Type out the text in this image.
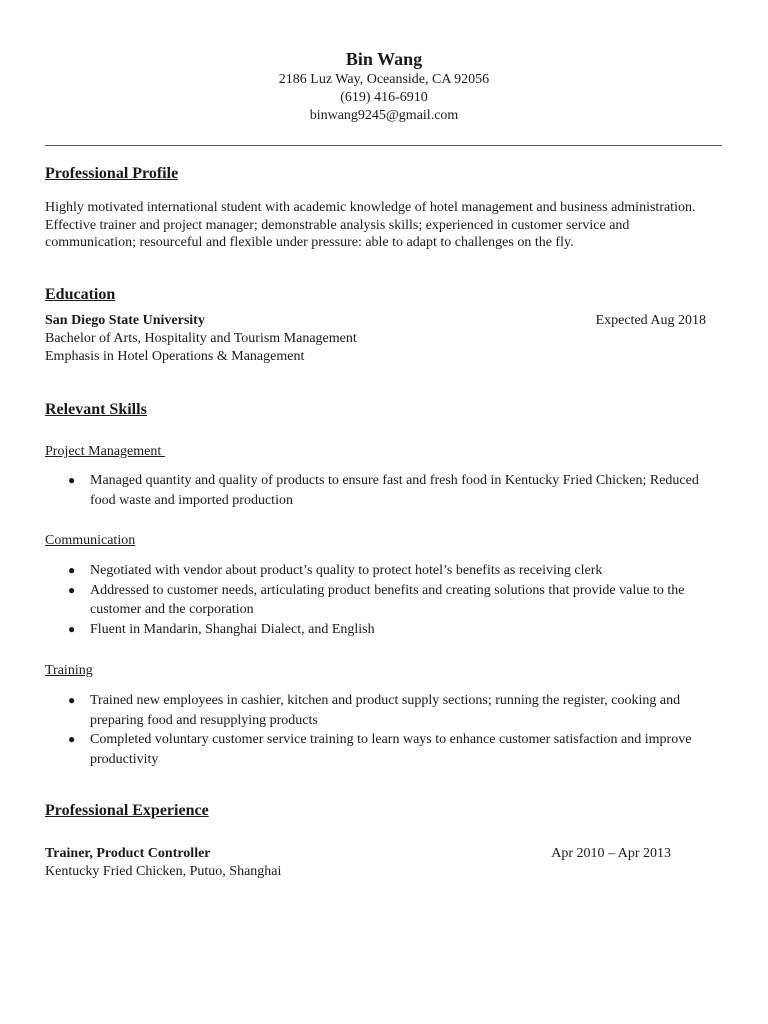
Bin Wang
2186 Luz Way, Oceanside, CA 92056
(619) 416-6910
binwang9245@gmail.com
Professional Profile
Highly motivated international student with academic knowledge of hotel management and business administration. Effective trainer and project manager; demonstrable analysis skills; experienced in customer service and communication; resourceful and flexible under pressure: able to adapt to challenges on the fly.
Education
San Diego State University	Expected Aug 2018
Bachelor of Arts, Hospitality and Tourism Management
Emphasis in Hotel Operations & Management
Relevant Skills
Project Management
● Managed quantity and quality of products to ensure fast and fresh food in Kentucky Fried Chicken; Reduced food waste and imported production
Communication
● Negotiated with vendor about product’s quality to protect hotel’s benefits as receiving clerk
● Addressed to customer needs, articulating product benefits and creating solutions that provide value to the customer and the corporation
● Fluent in Mandarin, Shanghai Dialect, and English
Training
● Trained new employees in cashier, kitchen and product supply sections; running the register, cooking and preparing food and resupplying products
● Completed voluntary customer service training to learn ways to enhance customer satisfaction and improve productivity
Professional Experience
Trainer, Product Controller	Apr 2010 – Apr 2013
Kentucky Fried Chicken, Putuo, Shanghai
